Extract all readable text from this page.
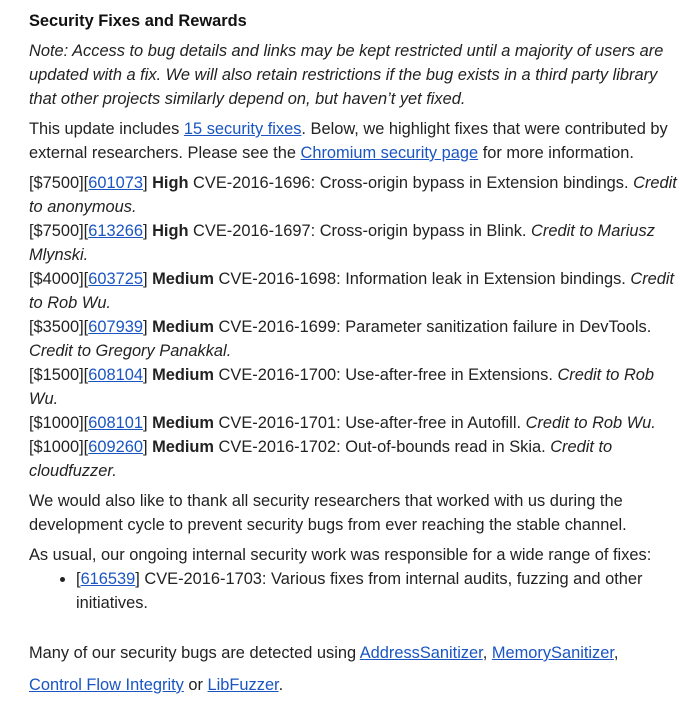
Security Fixes and Rewards

Note: Access to bug details and links may be kept restricted until a majority of users are updated with a fix. We will also retain restrictions if the bug exists in a third party library that other projects similarly depend on, but haven’t yet fixed.

This update includes 15 security fixes. Below, we highlight fixes that were contributed by external researchers. Please see the Chromium security page for more information.

[$7500][601073] High CVE-2016-1696: Cross-origin bypass in Extension bindings. Credit to anonymous.
[$7500][613266] High CVE-2016-1697: Cross-origin bypass in Blink. Credit to Mariusz Mlynski.
[$4000][603725] Medium CVE-2016-1698: Information leak in Extension bindings. Credit to Rob Wu.
[$3500][607939] Medium CVE-2016-1699: Parameter sanitization failure in DevTools. Credit to Gregory Panakkal.
[$1500][608104] Medium CVE-2016-1700: Use-after-free in Extensions. Credit to Rob Wu.
[$1000][608101] Medium CVE-2016-1701: Use-after-free in Autofill. Credit to Rob Wu.
[$1000][609260] Medium CVE-2016-1702: Out-of-bounds read in Skia. Credit to cloudfuzzer.

We would also like to thank all security researchers that worked with us during the development cycle to prevent security bugs from ever reaching the stable channel.

As usual, our ongoing internal security work was responsible for a wide range of fixes:

• [616539] CVE-2016-1703: Various fixes from internal audits, fuzzing and other initiatives.

Many of our security bugs are detected using AddressSanitizer, MemorySanitizer,
Control Flow Integrity or LibFuzzer.
